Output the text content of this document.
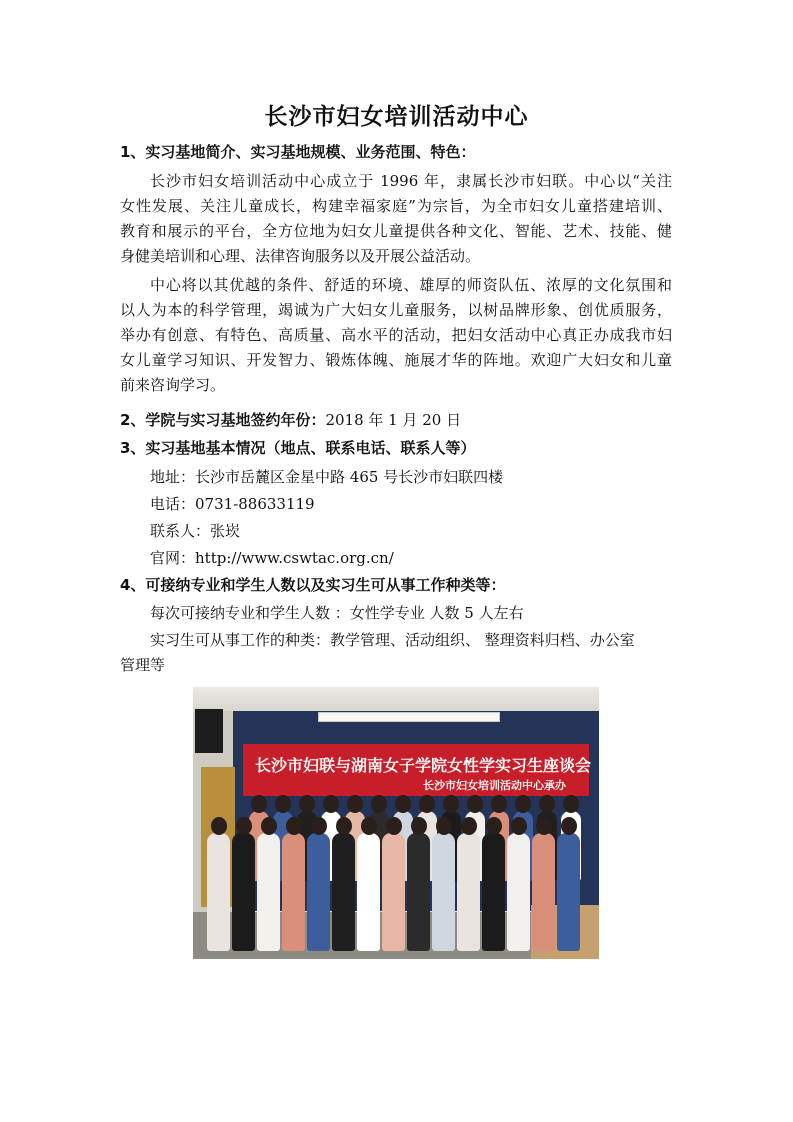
长沙市妇女培训活动中心
1、实习基地简介、实习基地规模、业务范围、特色：
长沙市妇女培训活动中心成立于 1996 年，隶属长沙市妇联。中心以“关注
女性发展、关注儿童成长，构建幸福家庭”为宗旨，为全市妇女儿童搭建培训、
教育和展示的平台，全方位地为妇女儿童提供各种文化、智能、艺术、技能、健
身健美培训和心理、法律咨询服务以及开展公益活动。
中心将以其优越的条件、舒适的环境、雄厚的师资队伍、浓厚的文化氛围和
以人为本的科学管理，竭诚为广大妇女儿童服务，以树品牌形象、创优质服务，
举办有创意、有特色、高质量、高水平的活动，把妇女活动中心真正办成我市妇
女儿童学习知识、开发智力、锻炼体魄、施展才华的阵地。欢迎广大妇女和儿童
前来咨询学习。
2、学院与实习基地签约年份：2018 年 1 月 20 日
3、实习基地基本情况（地点、联系电话、联系人等）
地址：长沙市岳麓区金星中路 465 号长沙市妇联四楼
电话：0731-88633119
联系人：张崁
官网：http://www.cswtac.org.cn/
4、可接纳专业和学生人数以及实习生可从事工作种类等：
每次可接纳专业和学生人数 ：女性学专业 人数 5 人左右
实习生可从事工作的种类：教学管理、活动组织、 整理资料归档、办公室
管理等
长沙市妇联与湖南女子学院女性学实习生座谈会
长沙市妇女培训活动中心承办
